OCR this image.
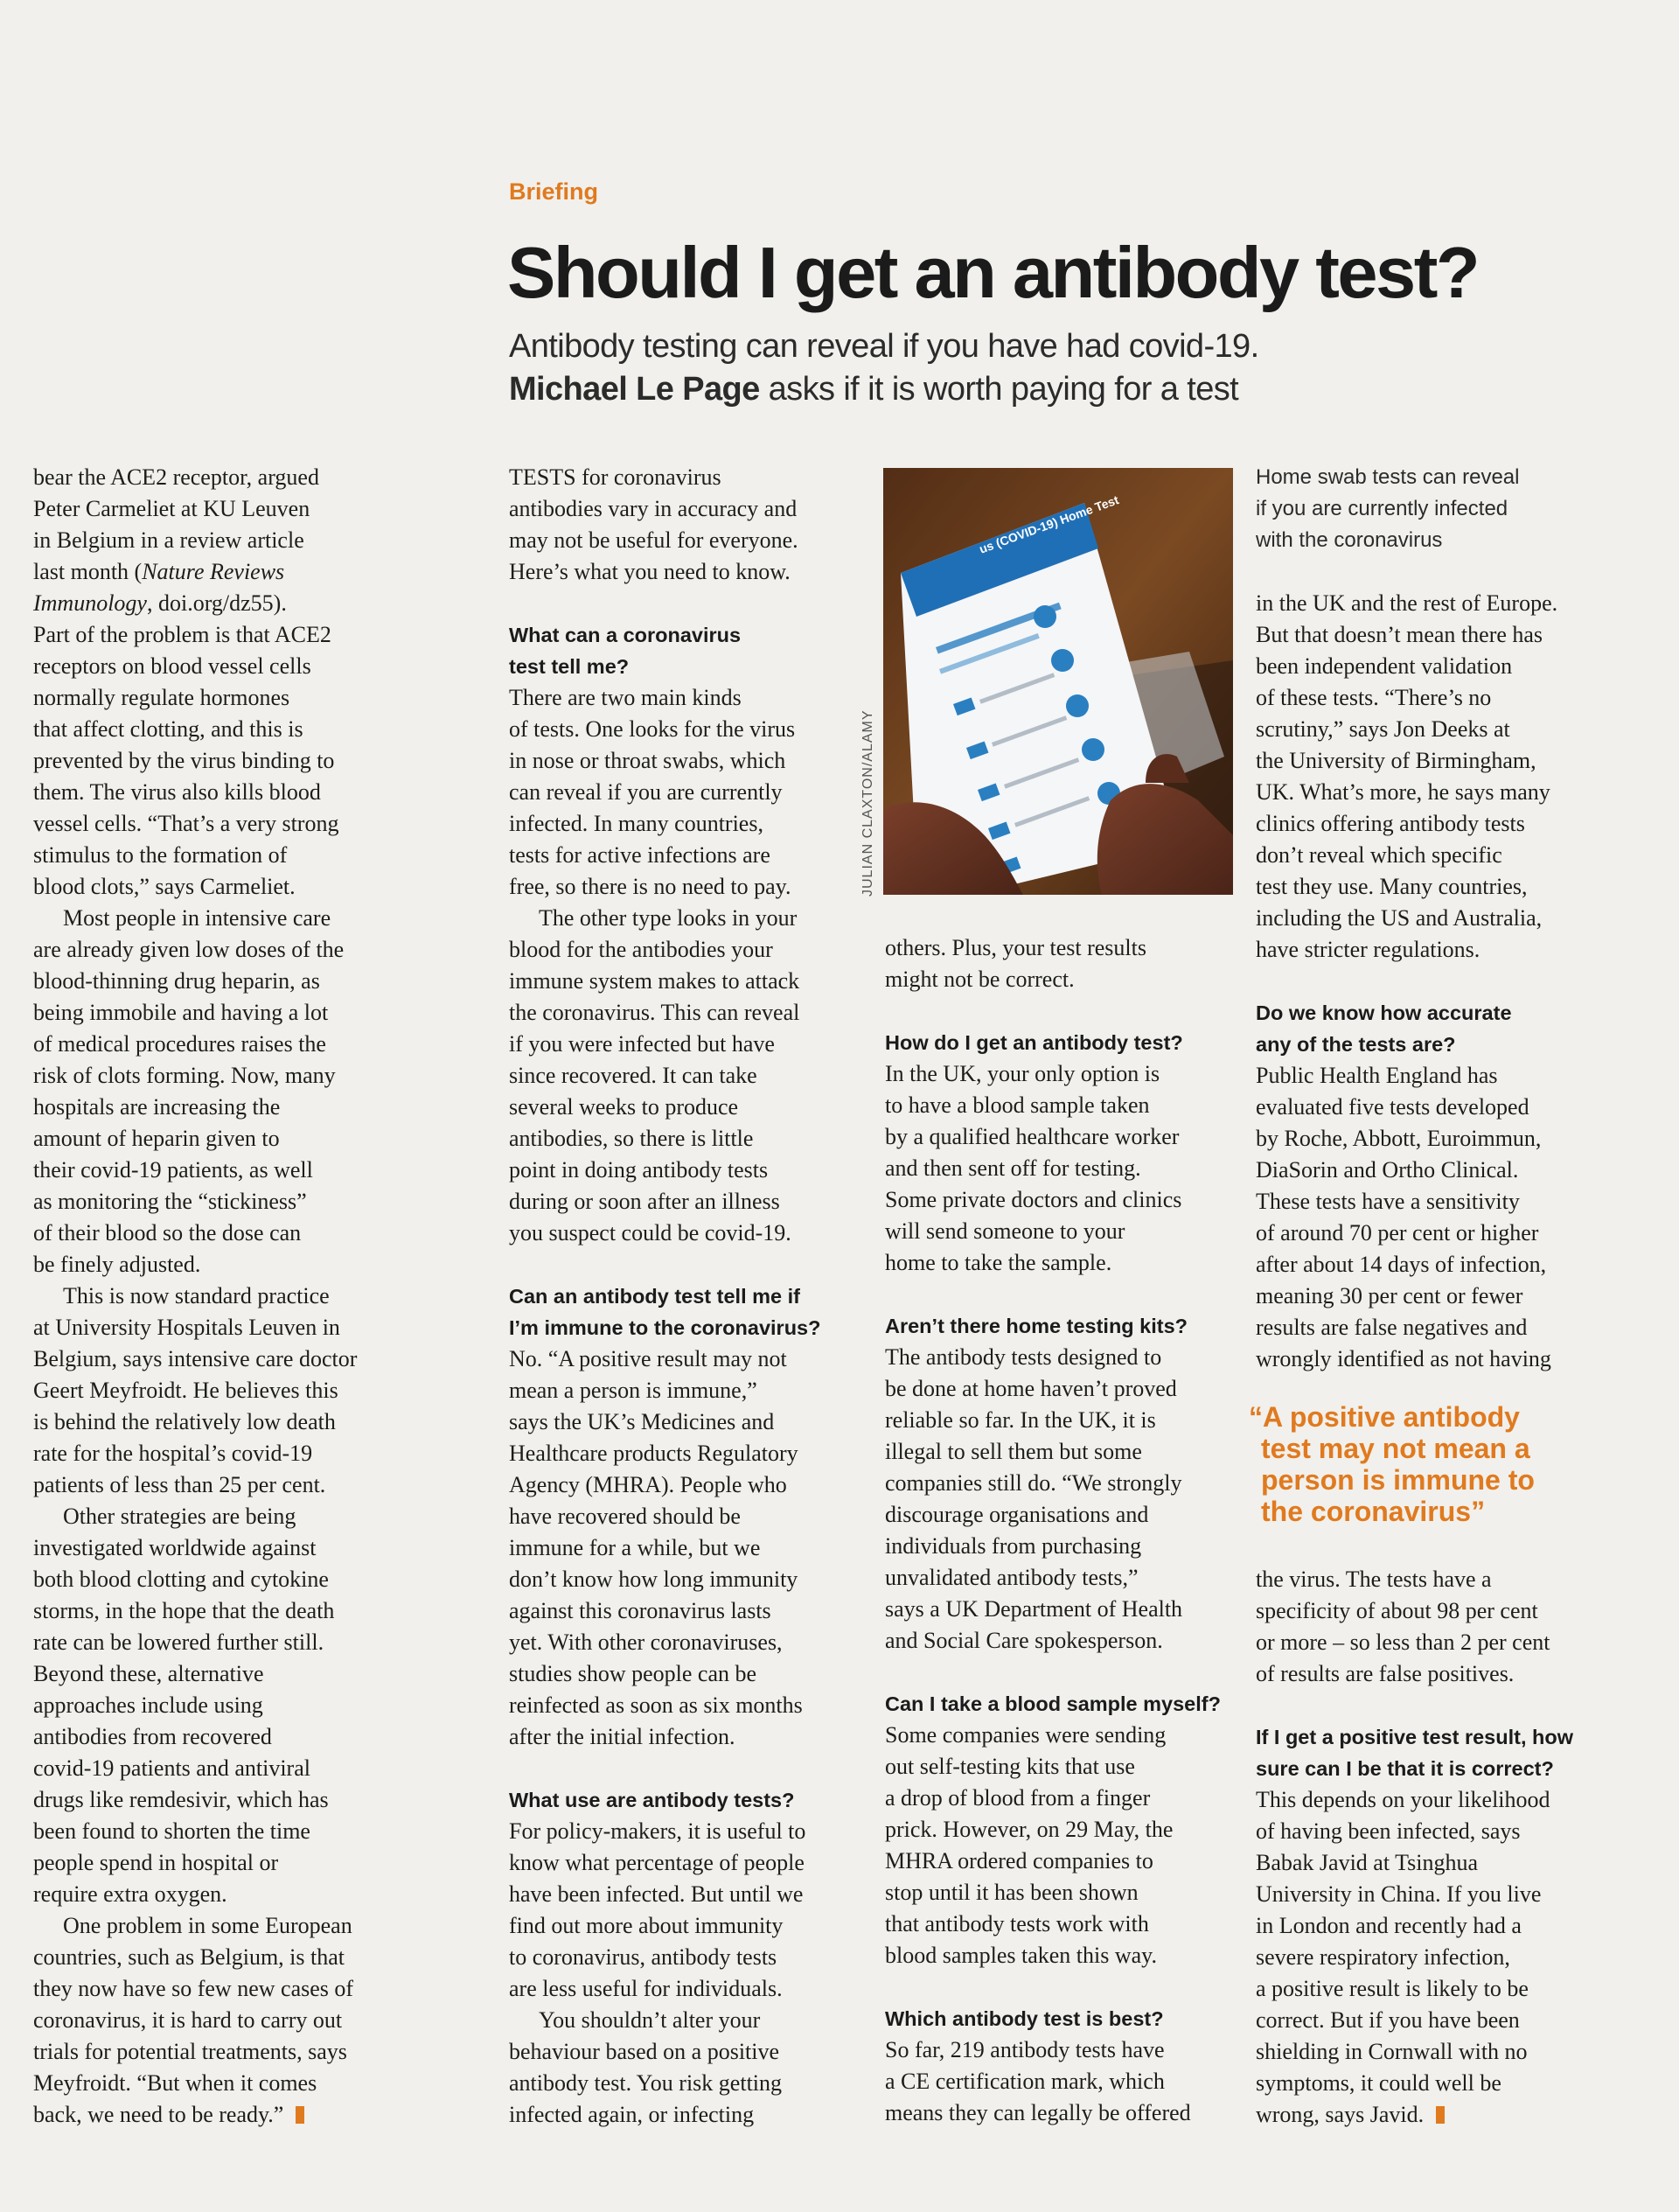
Briefing
Should I get an antibody test?
Antibody testing can reveal if you have had covid-19.
Michael Le Page asks if it is worth paying for a test

bear the ACE2 receptor, argued

Peter Carmeliet at KU Leuven

in Belgium in a review article

last month (Nature Reviews

Immunology, doi.org/dz55).

Part of the problem is that ACE2

receptors on blood vessel cells

normally regulate hormones

that affect clotting, and this is

prevented by the virus binding to

them. The virus also kills blood

vessel cells. “That’s a very strong

stimulus to the formation of

blood clots,” says Carmeliet.

Most people in intensive care

are already given low doses of the

blood-thinning drug heparin, as

being immobile and having a lot

of medical procedures raises the

risk of clots forming. Now, many

hospitals are increasing the

amount of heparin given to

their covid-19 patients, as well

as monitoring the “stickiness”

of their blood so the dose can

be finely adjusted.

This is now standard practice

at University Hospitals Leuven in

Belgium, says intensive care doctor

Geert Meyfroidt. He believes this

is behind the relatively low death

rate for the hospital’s covid-19

patients of less than 25 per cent.

Other strategies are being

investigated worldwide against

both blood clotting and cytokine

storms, in the hope that the death

rate can be lowered further still.

Beyond these, alternative

approaches include using

antibodies from recovered

covid-19 patients and antiviral

drugs like remdesivir, which has

been found to shorten the time

people spend in hospital or

require extra oxygen.

One problem in some European

countries, such as Belgium, is that

they now have so few new cases of

coronavirus, it is hard to carry out

trials for potential treatments, says

Meyfroidt. “But when it comes

back, we need to be ready.”

TESTS for coronavirus

antibodies vary in accuracy and

may not be useful for everyone.

Here’s what you need to know.

What can a coronavirus
test tell me?

There are two main kinds

of tests. One looks for the virus

in nose or throat swabs, which

can reveal if you are currently

infected. In many countries,

tests for active infections are

free, so there is no need to pay.

The other type looks in your

blood for the antibodies your

immune system makes to attack

the coronavirus. This can reveal

if you were infected but have

since recovered. It can take

several weeks to produce

antibodies, so there is little

point in doing antibody tests

during or soon after an illness

you suspect could be covid-19.

Can an antibody test tell me if
I’m immune to the coronavirus?

No. “A positive result may not

mean a person is immune,”

says the UK’s Medicines and

Healthcare products Regulatory

Agency (MHRA). People who

have recovered should be

immune for a while, but we

don’t know how long immunity

against this coronavirus lasts

yet. With other coronaviruses,

studies show people can be

reinfected as soon as six months

after the initial infection.

What use are antibody tests?

For policy-makers, it is useful to

know what percentage of people

have been infected. But until we

find out more about immunity

to coronavirus, antibody tests

are less useful for individuals.

You shouldn’t alter your

behaviour based on a positive

antibody test. You risk getting

infected again, or infecting

us (COVID-19) Home Test
JULIAN CLAXTON/ALAMY

others. Plus, your test results

might not be correct.

How do I get an antibody test?

In the UK, your only option is

to have a blood sample taken

by a qualified healthcare worker

and then sent off for testing.

Some private doctors and clinics

will send someone to your

home to take the sample.

Aren’t there home testing kits?

The antibody tests designed to

be done at home haven’t proved

reliable so far. In the UK, it is

illegal to sell them but some

companies still do. “We strongly

discourage organisations and

individuals from purchasing

unvalidated antibody tests,”

says a UK Department of Health

and Social Care spokesperson.

Can I take a blood sample myself?

Some companies were sending

out self-testing kits that use

a drop of blood from a finger

prick. However, on 29 May, the

MHRA ordered companies to

stop until it has been shown

that antibody tests work with

blood samples taken this way.

Which antibody test is best?

So far, 219 antibody tests have

a CE certification mark, which

means they can legally be offered

Home swab tests can reveal

if you are currently infected

with the coronavirus

in the UK and the rest of Europe.

But that doesn’t mean there has

been independent validation

of these tests. “There’s no

scrutiny,” says Jon Deeks at

the University of Birmingham,

UK. What’s more, he says many

clinics offering antibody tests

don’t reveal which specific

test they use. Many countries,

including the US and Australia,

have stricter regulations.

Do we know how accurate
any of the tests are?

Public Health England has

evaluated five tests developed

by Roche, Abbott, Euroimmun,

DiaSorin and Ortho Clinical.

These tests have a sensitivity

of around 70 per cent or higher

after about 14 days of infection,

meaning 30 per cent or fewer

results are false negatives and

wrongly identified as not having

the virus. The tests have a

specificity of about 98 per cent

or more – so less than 2 per cent

of results are false positives.

If I get a positive test result, how
sure can I be that it is correct?

This depends on your likelihood

of having been infected, says

Babak Javid at Tsinghua

University in China. If you live

in London and recently had a

severe respiratory infection,

a positive result is likely to be

correct. But if you have been

shielding in Cornwall with no

symptoms, it could well be

wrong, says Javid.

“A positive antibody

test may not mean a

person is immune to

the coronavirus”
